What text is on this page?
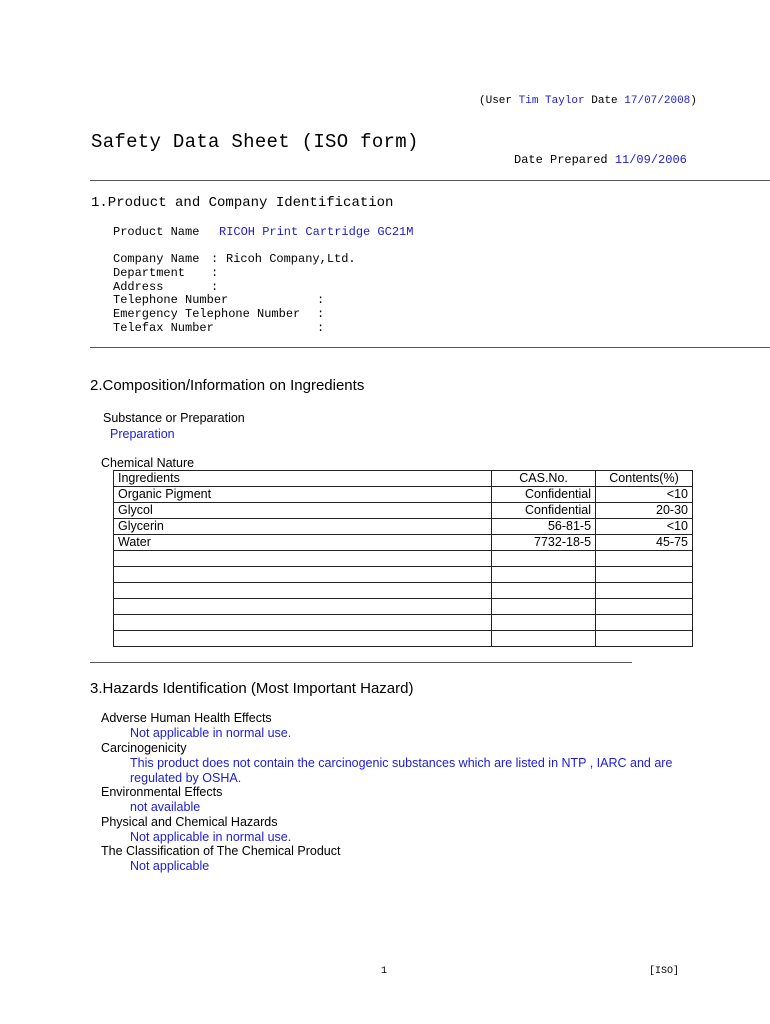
(User Tim Taylor Date 17/07/2008)
Safety Data Sheet (ISO form)
Date Prepared 11/09/2006
1.Product and Company Identification
Product Name RICOH Print Cartridge GC21M
Company Name : Ricoh Company,Ltd.
Department :
Address	:
Telephone Number	:
Emergency Telephone Number :
Telefax Number	:
2.Composition/Information on Ingredients
Substance or Preparation
Preparation
Chemical Nature
Ingredients	CAS.No.	Contents(%)
Organic Pigment	Confidential	<10
Glycol	Confidential	20-30
Glycerin	56-81-5	<10
Water	7732-18-5	45-75

3.Hazards Identification (Most Important Hazard)
Adverse Human Health Effects
Not applicable in normal use.
Carcinogenicity
This product does not contain the carcinogenic substances which are listed in NTP , IARC and are regulated by OSHA.
Environmental Effects
not available
Physical and Chemical Hazards
Not applicable in normal use.
The Classification of The Chemical Product
Not applicable
1	[ISO]
